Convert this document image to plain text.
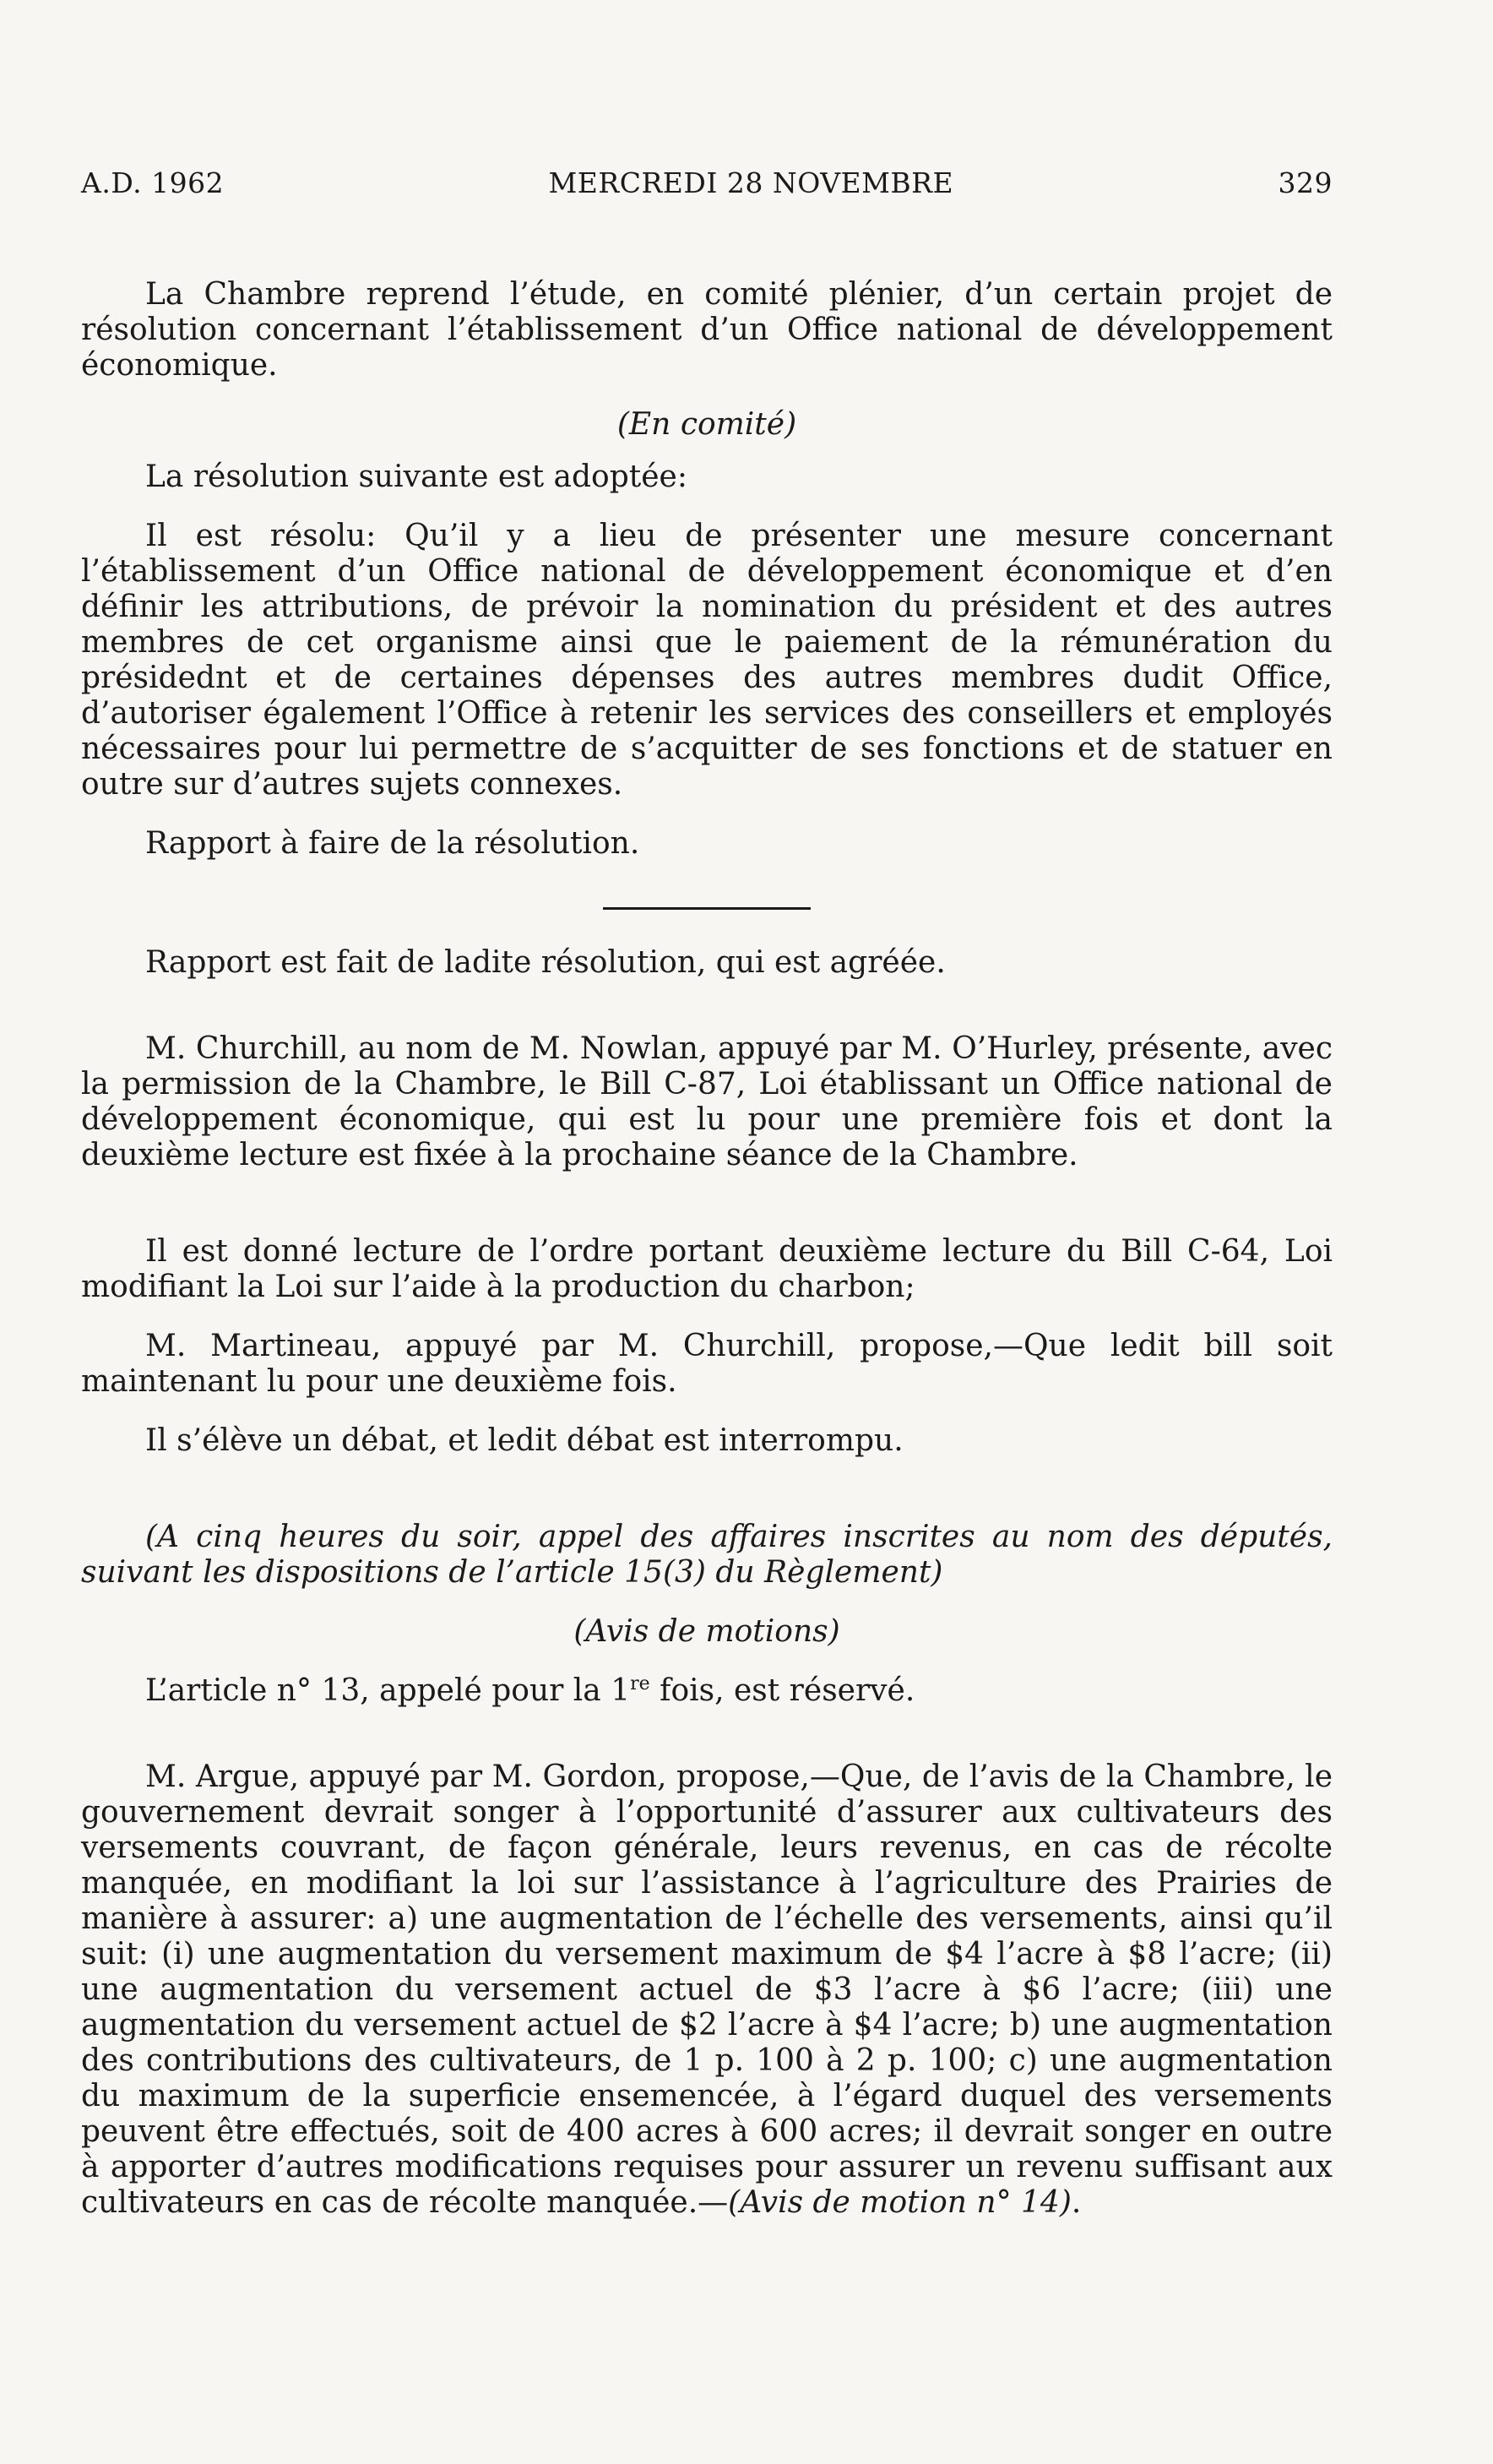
A.D. 1962	MERCREDI 28 NOVEMBRE	329

La Chambre reprend l’étude, en comité plénier, d’un certain projet de résolution concernant l’établissement d’un Office national de développement économique.

(En comité)

La résolution suivante est adoptée:

Il est résolu: Qu’il y a lieu de présenter une mesure concernant l’établissement d’un Office national de développement économique et d’en définir les attributions, de prévoir la nomination du président et des autres membres de cet organisme ainsi que le paiement de la rémunération du présidednt et de certaines dépenses des autres membres dudit Office, d’autoriser également l’Office à retenir les services des conseillers et employés nécessaires pour lui permettre de s’acquitter de ses fonctions et de statuer en outre sur d’autres sujets connexes.

Rapport à faire de la résolution.

Rapport est fait de ladite résolution, qui est agréée.

M. Churchill, au nom de M. Nowlan, appuyé par M. O’Hurley, présente, avec la permission de la Chambre, le Bill C-87, Loi établissant un Office national de développement économique, qui est lu pour une première fois et dont la deuxième lecture est fixée à la prochaine séance de la Chambre.

Il est donné lecture de l’ordre portant deuxième lecture du Bill C-64, Loi modifiant la Loi sur l’aide à la production du charbon;

M. Martineau, appuyé par M. Churchill, propose,—Que ledit bill soit maintenant lu pour une deuxième fois.

Il s’élève un débat, et ledit débat est interrompu.

(A cinq heures du soir, appel des affaires inscrites au nom des députés, suivant les dispositions de l’article 15(3) du Règlement)

(Avis de motions)

L’article n° 13, appelé pour la 1re fois, est réservé.

M. Argue, appuyé par M. Gordon, propose,—Que, de l’avis de la Chambre, le gouvernement devrait songer à l’opportunité d’assurer aux cultivateurs des versements couvrant, de façon générale, leurs revenus, en cas de récolte manquée, en modifiant la loi sur l’assistance à l’agriculture des Prairies de manière à assurer: a) une augmentation de l’échelle des versements, ainsi qu’il suit: (i) une augmentation du versement maximum de $4 l’acre à $8 l’acre; (ii) une augmentation du versement actuel de $3 l’acre à $6 l’acre; (iii) une augmentation du versement actuel de $2 l’acre à $4 l’acre; b) une augmentation des contributions des cultivateurs, de 1 p. 100 à 2 p. 100; c) une augmentation du maximum de la superficie ensemencée, à l’égard duquel des versements peuvent être effectués, soit de 400 acres à 600 acres; il devrait songer en outre à apporter d’autres modifications requises pour assurer un revenu suffisant aux cultivateurs en cas de récolte manquée.—(Avis de motion n° 14).
